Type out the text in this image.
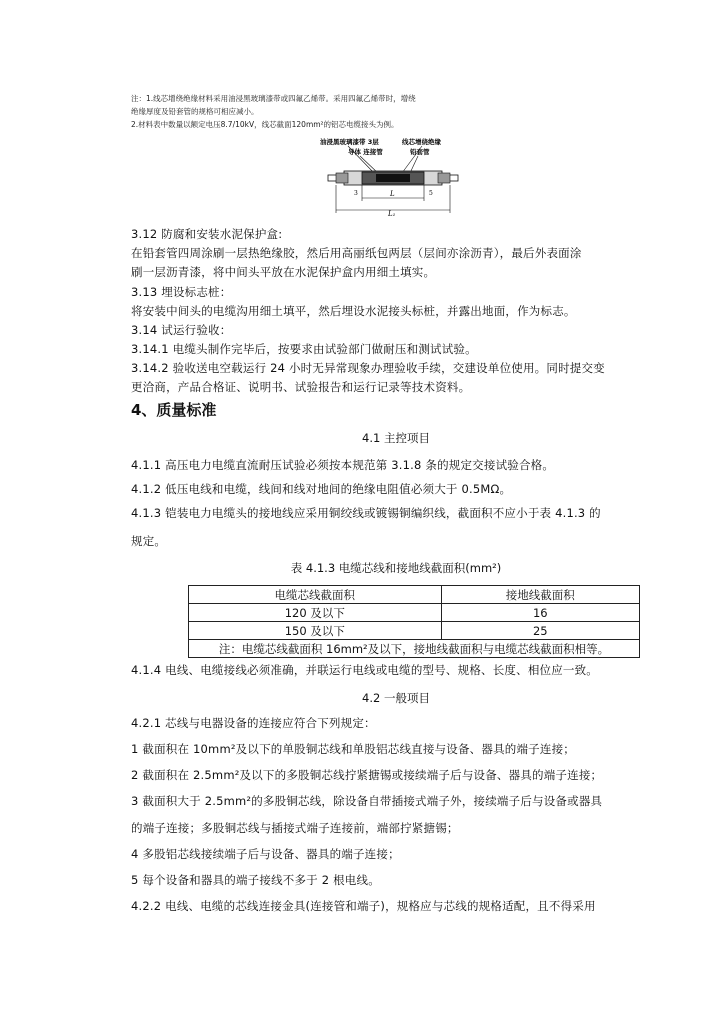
注：1.线芯增绕绝缘材料采用油浸黑玻璃漆带或四氟乙烯带。采用四氟乙烯带时，增绕
绝缘厚度及铅套管的规格可相应减小。
2.材料表中数量以额定电压8.7/10kV，线芯截面120mm²的铝芯电缆接头为例。
油浸黑玻璃漆带 3层	线芯增绕绝缘
导体 连接管	铅套管
L
L₁
3	5
3.12 防腐和安装水泥保护盒:
在铅套管四周涂刷一层热绝缘胶，然后用高丽纸包两层（层间亦涂沥青），最后外表面涂
刷一层沥青漆，将中间头平放在水泥保护盒内用细土填实。
3.13 埋设标志桩：
将安装中间头的电缆沟用细土填平，然后埋设水泥接头标桩，并露出地面，作为标志。
3.14 试运行验收：
3.14.1 电缆头制作完毕后，按要求由试验部门做耐压和测试试验。
3.14.2 验收送电空载运行 24 小时无异常现象办理验收手续，交建设单位使用。同时提交变
更洽商，产品合格证、说明书、试验报告和运行记录等技术资料。
4、质量标准
4.1 主控项目
4.1.1 高压电力电缆直流耐压试验必须按本规范第 3.1.8 条的规定交接试验合格。
4.1.2 低压电线和电缆，线间和线对地间的绝缘电阻值必须大于 0.5MΩ。
4.1.3 铠装电力电缆头的接地线应采用铜绞线或镀锡铜编织线，截面积不应小于表 4.1.3 的
规定。
表 4.1.3 电缆芯线和接地线截面积(mm²)
电缆芯线截面积	接地线截面积
120 及以下	16
150 及以下	25
注：电缆芯线截面积 16mm²及以下，接地线截面积与电缆芯线截面积相等。	
4.1.4 电线、电缆接线必须准确，并联运行电线或电缆的型号、规格、长度、相位应一致。
4.2 一般项目
4.2.1 芯线与电器设备的连接应符合下列规定：
1 截面积在 10mm²及以下的单股铜芯线和单股铝芯线直接与设备、器具的端子连接；
2 截面积在 2.5mm²及以下的多股铜芯线拧紧搪锡或接续端子后与设备、器具的端子连接；
3 截面积大于 2.5mm²的多股铜芯线，除设备自带插接式端子外，接续端子后与设备或器具
的端子连接；多股铜芯线与插接式端子连接前，端部拧紧搪锡；
4 多股铝芯线接续端子后与设备、器具的端子连接；
5 每个设备和器具的端子接线不多于 2 根电线。
4.2.2 电线、电缆的芯线连接金具(连接管和端子)，规格应与芯线的规格适配，且不得采用
